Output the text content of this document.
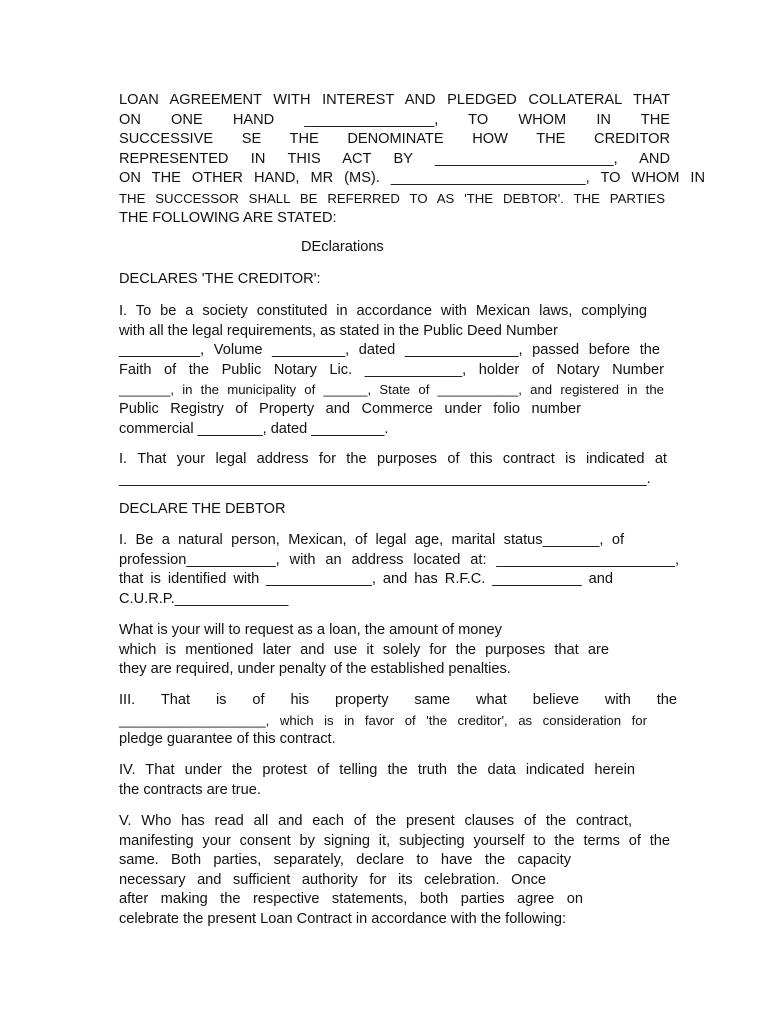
LOAN AGREEMENT WITH INTEREST AND PLEDGED COLLATERAL THAT
ON ONE HAND ________________, TO WHOM IN THE
SUCCESSIVE SE THE DENOMINATE HOW THE CREDITOR
REPRESENTED IN THIS ACT BY ______________________, AND
ON THE OTHER HAND, MR (MS). ________________________, TO WHOM IN
THE SUCCESSOR SHALL BE REFERRED TO AS 'THE DEBTOR'. THE PARTIES
THE FOLLOWING ARE STATED:
DEclarations
DECLARES 'THE CREDITOR':
I. To be a society constituted in accordance with Mexican laws, complying
with all the legal requirements, as stated in the Public Deed Number
__________, Volume _________, dated ______________, passed before the
Faith of the Public Notary Lic. ____________, holder of Notary Number
_______, in the municipality of ______, State of ___________, and registered in the
Public Registry of Property and Commerce under folio number
commercial ________, dated _________.
I. That your legal address for the purposes of this contract is indicated at
_________________________________________________________________.
DECLARE THE DEBTOR
I. Be a natural person, Mexican, of legal age, marital status_______, of
profession___________, with an address located at: ______________________,
that is identified with _____________, and has R.F.C. ___________ and
C.U.R.P.______________
What is your will to request as a loan, the amount of money
which is mentioned later and use it solely for the purposes that are
they are required, under penalty of the established penalties.
III. That is of his property same what believe with the
____________________, which is in favor of 'the creditor', as consideration for
pledge guarantee of this contract.
IV. That under the protest of telling the truth the data indicated herein
the contracts are true.
V. Who has read all and each of the present clauses of the contract,
manifesting your consent by signing it, subjecting yourself to the terms of the
same. Both parties, separately, declare to have the capacity
necessary and sufficient authority for its celebration. Once
after making the respective statements, both parties agree on
celebrate the present Loan Contract in accordance with the following:
